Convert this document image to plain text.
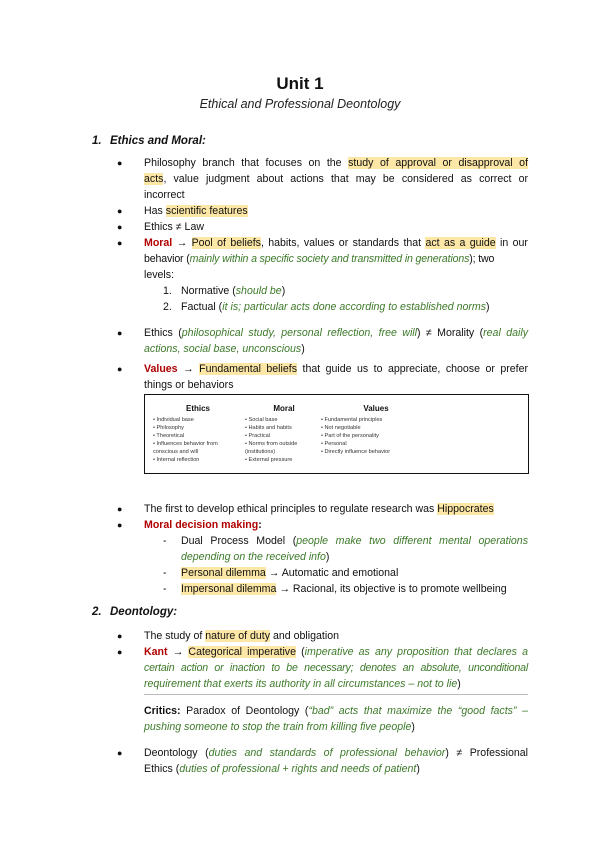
Unit 1
Ethical and Professional Deontology
1. Ethics and Moral:
●	Philosophy branch that focuses on the study of approval or disapproval of
acts, value judgment about actions that may be considered as correct or
incorrect
●	Has scientific features
●	Ethics ≠ Law
●	Moral → Pool of beliefs, habits, values or standards that act as a guide in our
behavior (mainly within a specific society and transmitted in generations); two
levels:
1. Normative (should be)
2. Factual (it is; particular acts done according to established norms)
●	Ethics (philosophical study, personal reflection, free will) ≠ Morality (real daily
actions, social base, unconscious)
●	Values → Fundamental beliefs that guide us to appreciate, choose or prefer
things or behaviors
Ethics
• Individual base
• Philosophy
• Theoretical
• Influences behavior from
conscious and will
• Internal reflection
Moral
• Social base
• Habits and habits
• Practical
• Norms from outside
(institutions)
• External pressure
Values
• Fundamental principles
• Not negotiable
• Part of the personality
• Personal
• Directly influence behavior
●	The first to develop ethical principles to regulate research was Hippocrates
●	Moral decision making:
- Dual Process Model (people make two different mental operations
depending on the received info)
- Personal dilemma → Automatic and emotional
- Impersonal dilemma → Racional, its objective is to promote wellbeing
2. Deontology:
●	The study of nature of duty and obligation
●	Kant → Categorical imperative (imperative as any proposition that declares a
certain action or inaction to be necessary; denotes an absolute, unconditional
requirement that exerts its authority in all circumstances – not to lie)
Critics: Paradox of Deontology (“bad” acts that maximize the “good facts” –
pushing someone to stop the train from killing five people)
●	Deontology (duties and standards of professional behavior) ≠ Professional
Ethics (duties of professional + rights and needs of patient)
